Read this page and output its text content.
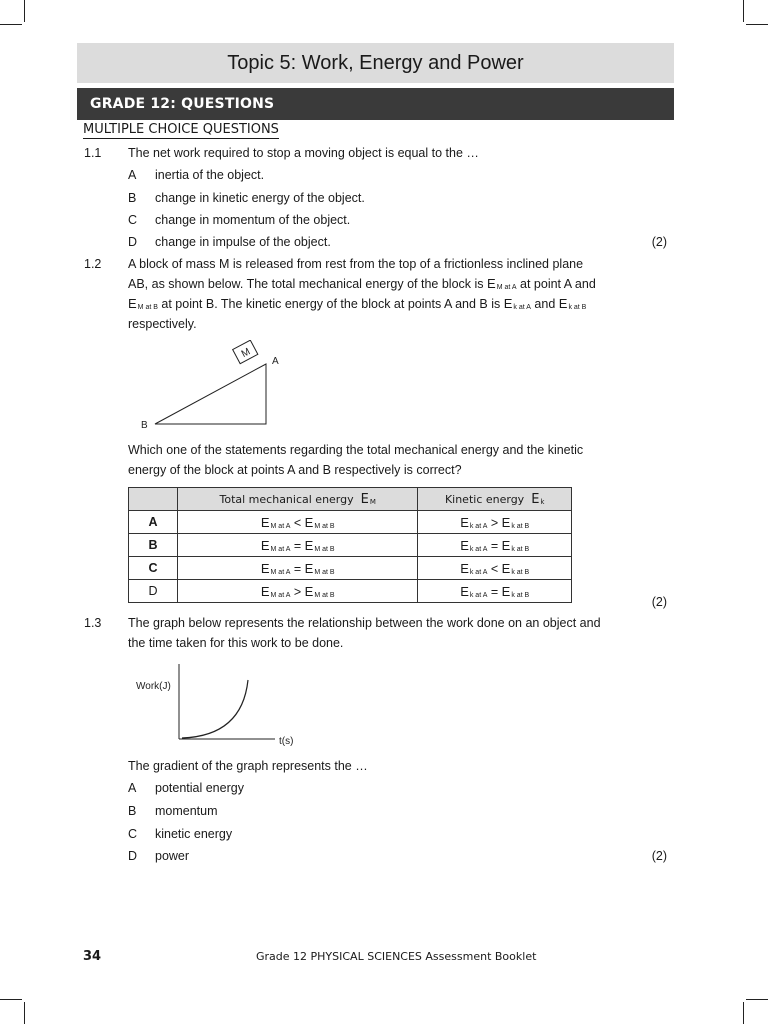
Topic 5: Work, Energy and Power
GRADE 12: QUESTIONS
MULTIPLE CHOICE QUESTIONS
1.1 The net work required to stop a moving object is equal to the …
A inertia of the object.
B change in kinetic energy of the object.
C change in momentum of the object.
D change in impulse of the object.	(2)
1.2 A block of mass M is released from rest from the top of a frictionless inclined plane
AB, as shown below. The total mechanical energy of the block is $E_{M at A}$ at point A and
$E_{M at B}$ at point B. The kinetic energy of the block at points A and B is $E_{k at A}$ and $E_{k at B}$
respectively.
M
A
B
Which one of the statements regarding the total mechanical energy and the kinetic
energy of the block at points A and B respectively is correct?
	Total mechanical energy $E_M$	Kinetic energy $E_k$
A	$E_{M at A} < E_{M at B}$	$E_{k at A} > E_{k at B}$
B	$E_{M at A} = E_{M at B}$	$E_{k at A} = E_{k at B}$
C	$E_{M at A} = E_{M at B}$	$E_{k at A} < E_{k at B}$
D	$E_{M at A} > E_{M at B}$	$E_{k at A} = E_{k at B}$	(2)
1.3 The graph below represents the relationship between the work done on an object and
the time taken for this work to be done.
Work(J)
t(s)
The gradient of the graph represents the …
A potential energy
B momentum
C kinetic energy
D power	(2)
34	Grade 12 PHYSICAL SCIENCES Assessment Booklet
